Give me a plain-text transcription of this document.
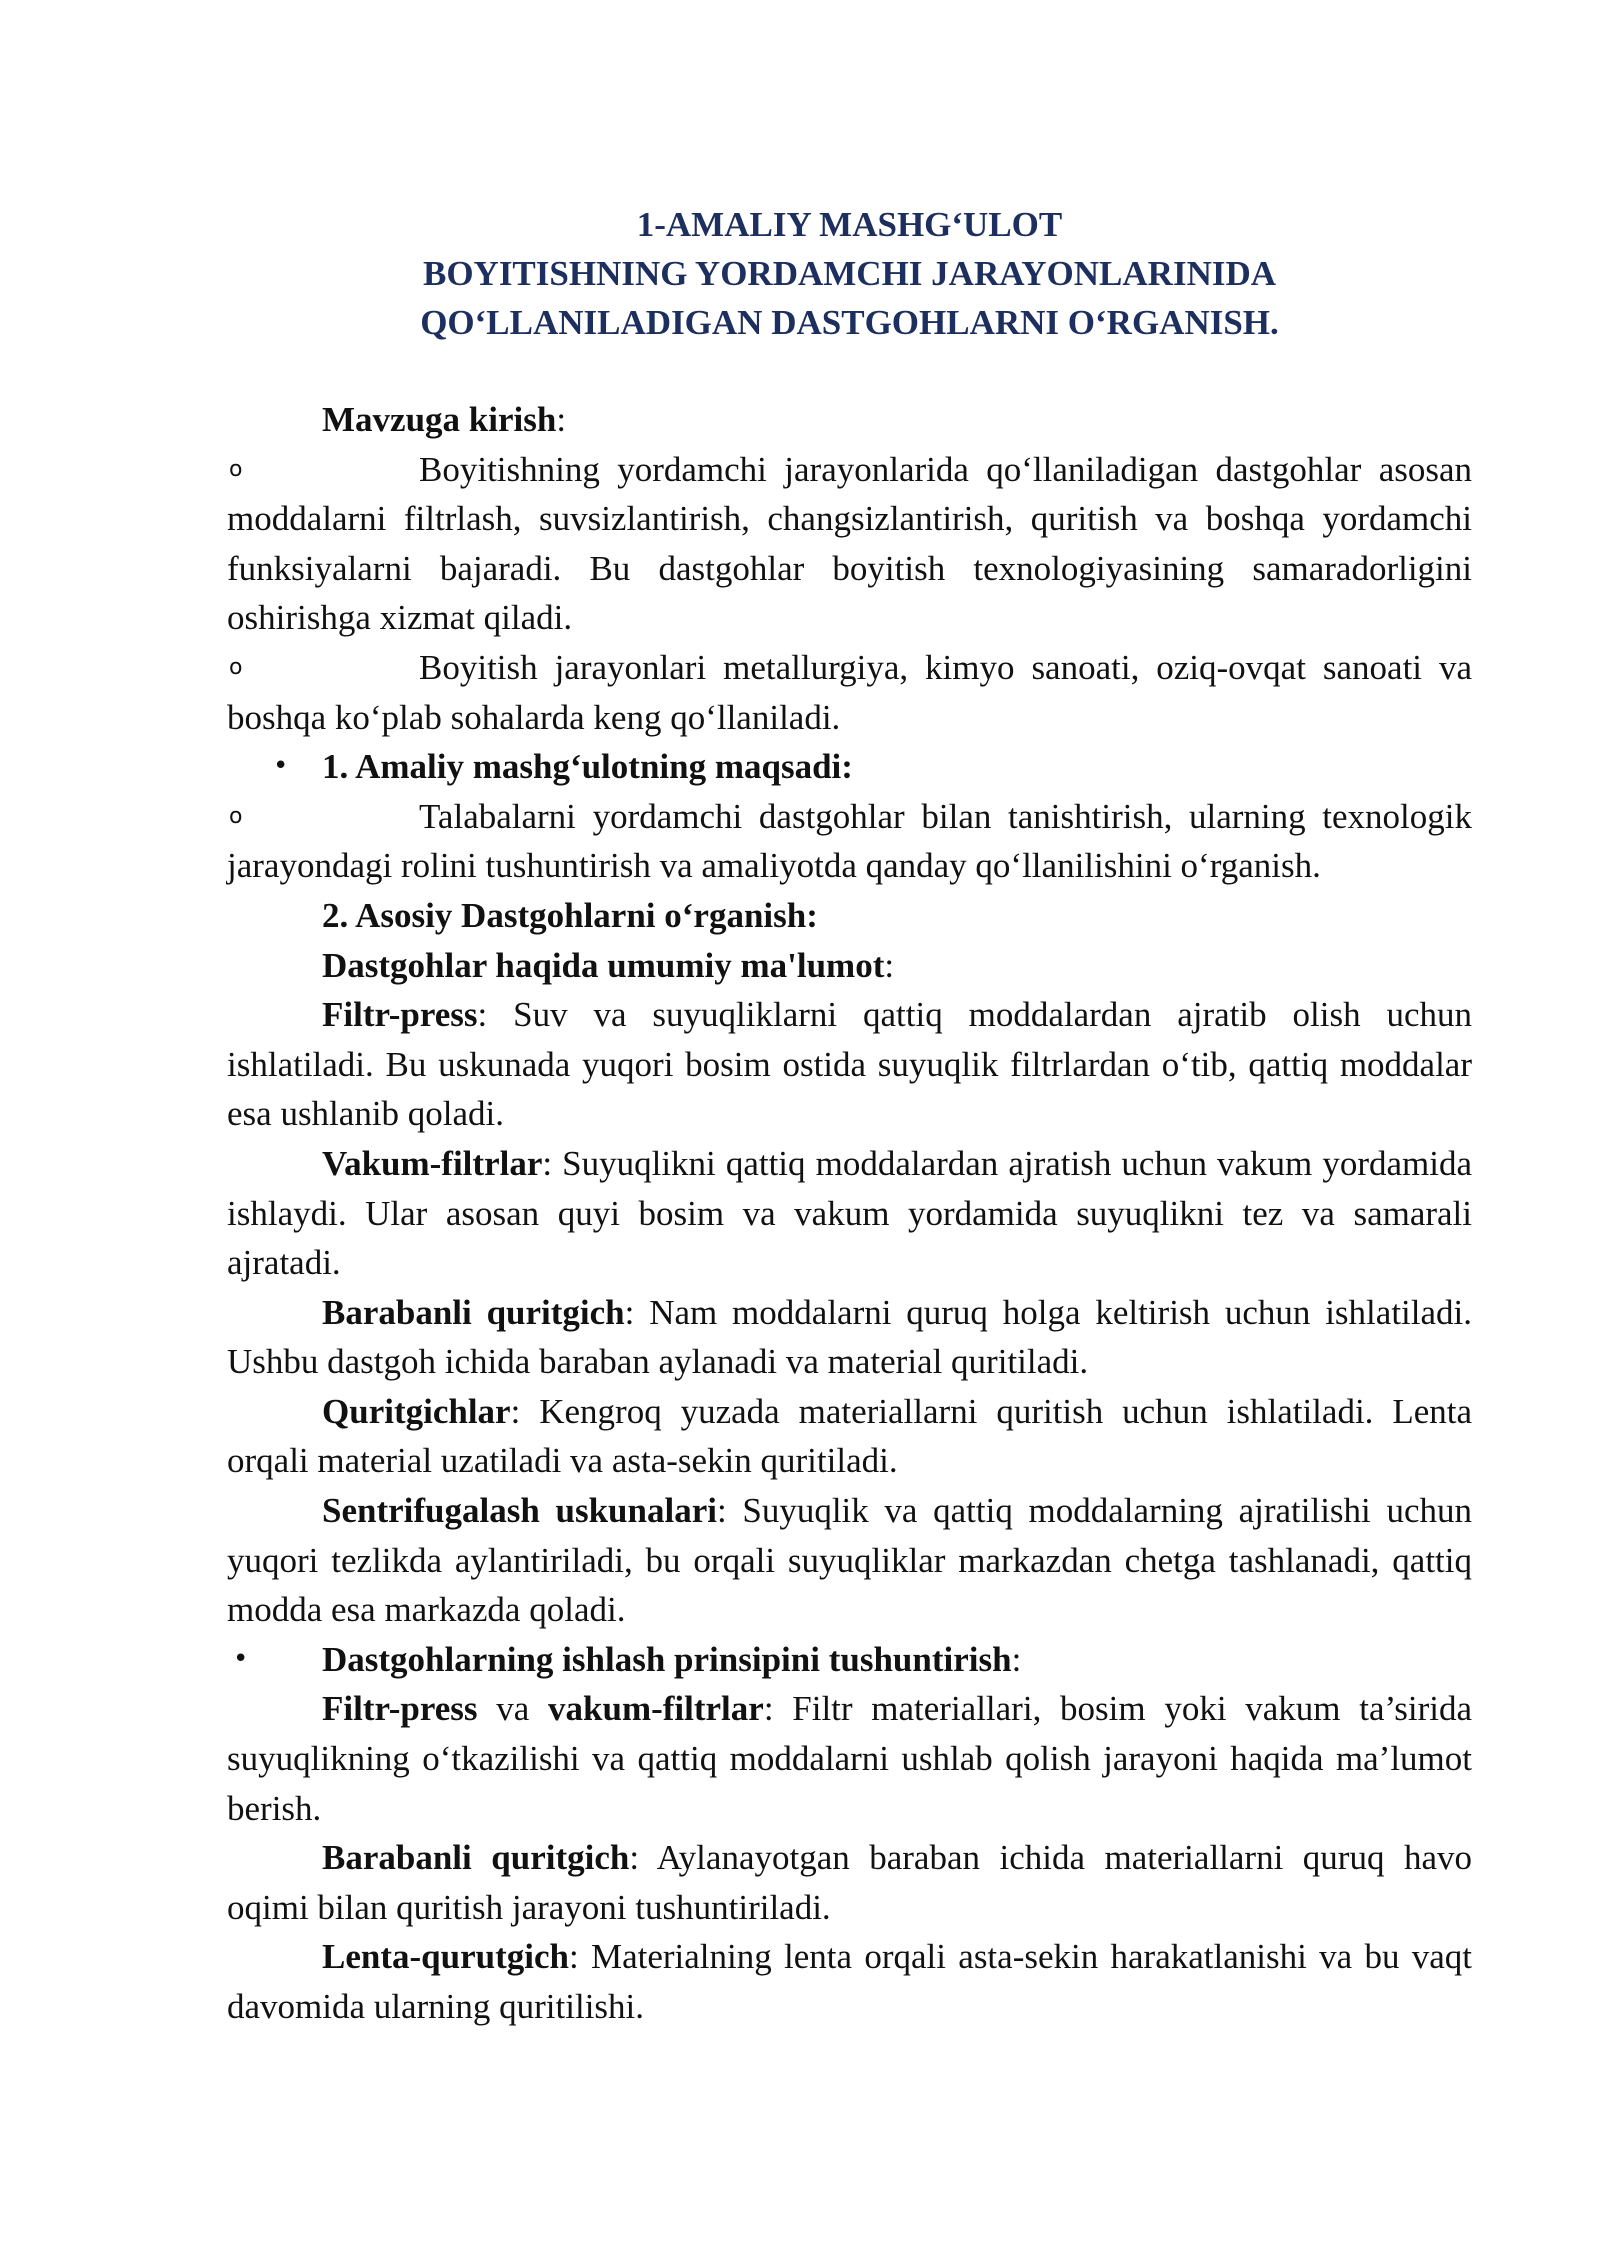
1-AMALIY MASHG‘ULOT
BOYITISHNING YORDAMCHI JARAYONLARINIDA
QO‘LLANILADIGAN DASTGOHLARNI O‘RGANISH.

Mavzuga kirish:

o	Boyitishning yordamchi jarayonlarida qo‘llaniladigan dastgohlar asosan moddalarni filtrlash, suvsizlantirish, changsizlantirish, quritish va boshqa yordamchi funksiyalarni bajaradi. Bu dastgohlar boyitish texnologiyasining samaradorligini oshirishga xizmat qiladi.

o	Boyitish jarayonlari metallurgiya, kimyo sanoati, oziq-ovqat sanoati va boshqa ko‘plab sohalarda keng qo‘llaniladi.

• 1. Amaliy mashg‘ulotning maqsadi:

o	Talabalarni yordamchi dastgohlar bilan tanishtirish, ularning texnologik jarayondagi rolini tushuntirish va amaliyotda qanday qo‘llanilishini o‘rganish.

2. Asosiy Dastgohlarni o‘rganish:

Dastgohlar haqida umumiy ma'lumot:

Filtr-press: Suv va suyuqliklarni qattiq moddalardan ajratib olish uchun ishlatiladi. Bu uskunada yuqori bosim ostida suyuqlik filtrlardan o‘tib, qattiq moddalar esa ushlanib qoladi.

Vakum-filtrlar: Suyuqlikni qattiq moddalardan ajratish uchun vakum yordamida ishlaydi. Ular asosan quyi bosim va vakum yordamida suyuqlikni tez va samarali ajratadi.

Barabanli quritgich: Nam moddalarni quruq holga keltirish uchun ishlatiladi. Ushbu dastgoh ichida baraban aylanadi va material quritiladi.

Quritgichlar: Kengroq yuzada materiallarni quritish uchun ishlatiladi. Lenta orqali material uzatiladi va asta-sekin quritiladi.

Sentrifugalash uskunalari: Suyuqlik va qattiq moddalarning ajratilishi uchun yuqori tezlikda aylantiriladi, bu orqali suyuqliklar markazdan chetga tashlanadi, qattiq modda esa markazda qoladi.

• Dastgohlarning ishlash prinsipini tushuntirish:

Filtr-press va vakum-filtrlar: Filtr materiallari, bosim yoki vakum ta’sirida suyuqlikning o‘tkazilishi va qattiq moddalarni ushlab qolish jarayoni haqida ma’lumot berish.

Barabanli quritgich: Aylanayotgan baraban ichida materiallarni quruq havo oqimi bilan quritish jarayoni tushuntiriladi.

Lenta-qurutgich: Materialning lenta orqali asta-sekin harakatlanishi va bu vaqt davomida ularning quritilishi.
